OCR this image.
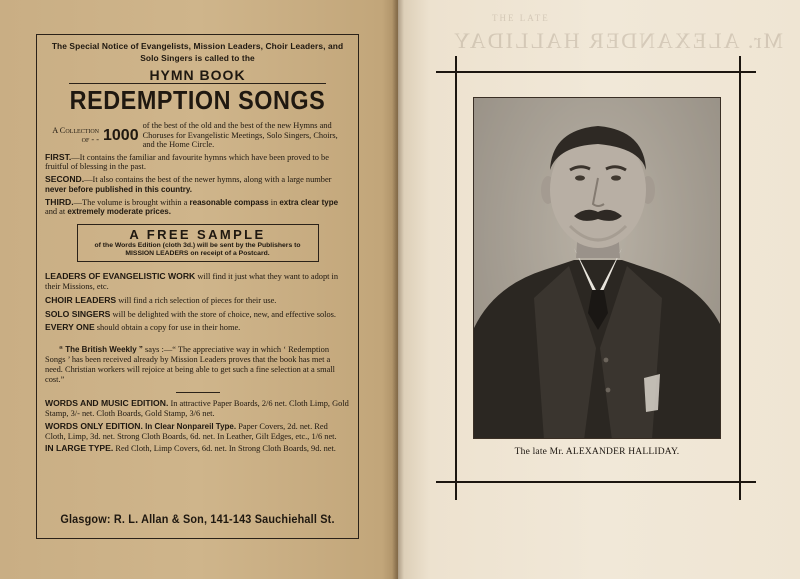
The Special Notice of Evangelists, Mission Leaders, Choir Leaders, and Solo Singers is called to the
HYMN BOOK
REDEMPTION SONGS
A Collection of - - 1000
of the best of the old and the best of the new Hymns and Choruses for Evangelistic Meetings, Solo Singers, Choirs, and the Home Circle.
FIRST.—It contains the familiar and favourite hymns which have been proved to be fruitful of blessing in the past.
SECOND.—It also contains the best of the newer hymns, along with a large number never before published in this country.
THIRD.—The volume is brought within a reasonable compass in extra clear type and at extremely moderate prices.
A FREE SAMPLE
of the Words Edition (cloth 3d.) will be sent by the Publishers to MISSION LEADERS on receipt of a Postcard.
LEADERS OF EVANGELISTIC WORK will find it just what they want to adopt in their Missions, etc.
CHOIR LEADERS will find a rich selection of pieces for their use.
SOLO SINGERS will be delighted with the store of choice, new, and effective solos.
EVERY ONE should obtain a copy for use in their home.
“ The British Weekly ” says :—“ The appreciative way in which ‘ Redemption Songs ’ has been received already by Mission Leaders proves that the book has met a need. Christian workers will rejoice at being able to get such a fine selection at a small cost.”
WORDS AND MUSIC EDITION. In attractive Paper Boards, 2/6 net. Cloth Limp, Gold Stamp, 3/- net. Cloth Boards, Gold Stamp, 3/6 net.
WORDS ONLY EDITION. In Clear Nonpareil Type. Paper Covers, 2d. net. Red Cloth, Limp, 3d. net. Strong Cloth Boards, 6d. net. In Leather, Gilt Edges, etc., 1/6 net.
IN LARGE TYPE. Red Cloth, Limp Covers, 6d. net. In Strong Cloth Boards, 9d. net.
Glasgow: R. L. Allan & Son, 141-143 Sauchiehall St.
THE LATE
Mr. ALEXANDER HALLIDAY
The late Mr. ALEXANDER HALLIDAY.
